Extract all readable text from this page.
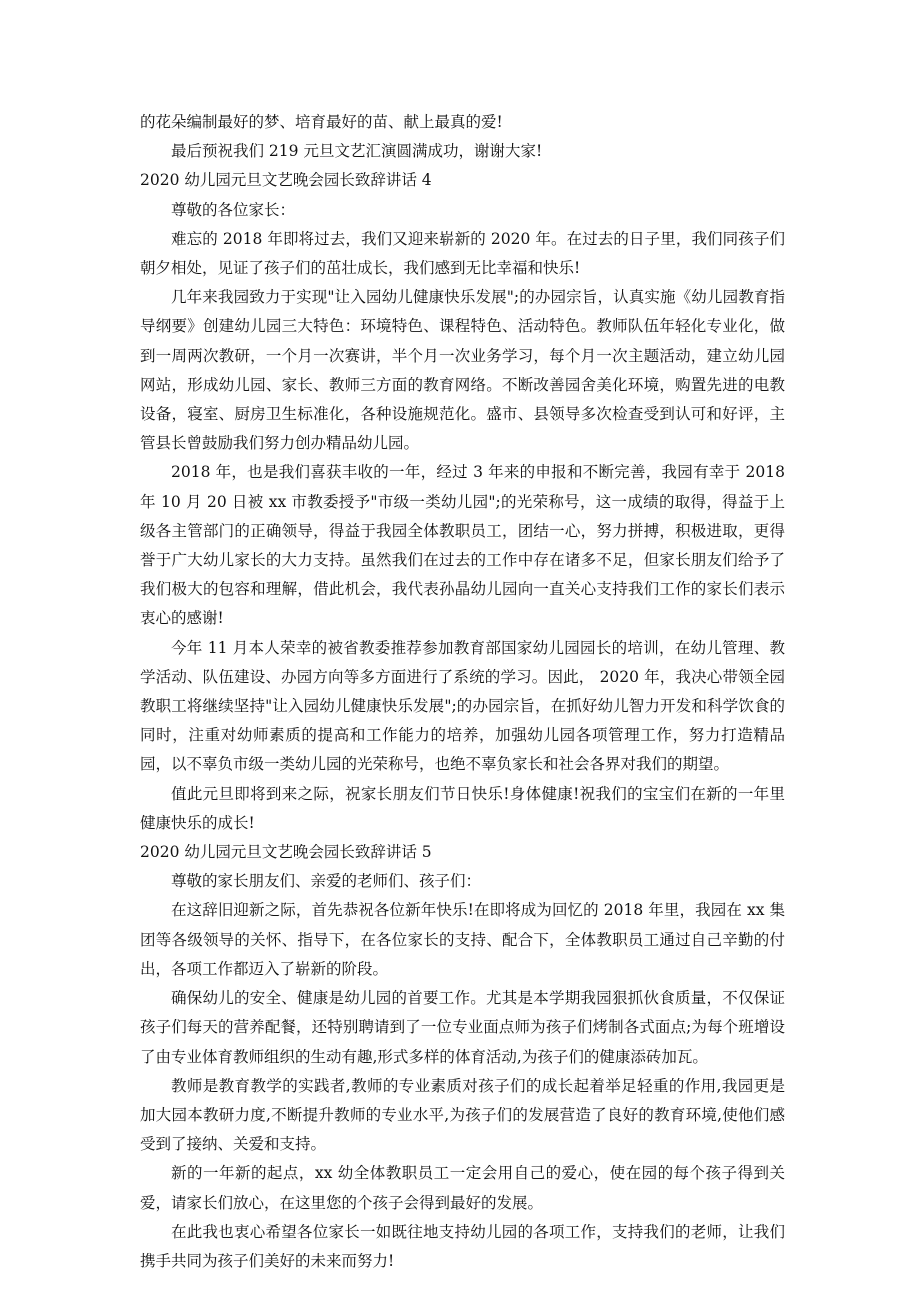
的花朵编制最好的梦、培育最好的苗、献上最真的爱!

最后预祝我们 219 元旦文艺汇演圆满成功，谢谢大家!

2020 幼儿园元旦文艺晚会园长致辞讲话 4

尊敬的各位家长：

难忘的 2018 年即将过去，我们又迎来崭新的 2020 年。在过去的日子里，我们同孩子们朝夕相处，见证了孩子们的茁壮成长，我们感到无比幸福和快乐!

几年来我园致力于实现"让入园幼儿健康快乐发展";的办园宗旨，认真实施《幼儿园教育指导纲要》创建幼儿园三大特色：环境特色、课程特色、活动特色。教师队伍年轻化专业化，做到一周两次教研，一个月一次赛讲，半个月一次业务学习，每个月一次主题活动，建立幼儿园网站，形成幼儿园、家长、教师三方面的教育网络。不断改善园舍美化环境，购置先进的电教设备，寝室、厨房卫生标准化，各种设施规范化。盛市、县领导多次检查受到认可和好评，主管县长曾鼓励我们努力创办精品幼儿园。

2018 年，也是我们喜获丰收的一年，经过 3 年来的申报和不断完善，我园有幸于 2018 年 10 月 20 日被 xx 市教委授予"市级一类幼儿园";的光荣称号，这一成绩的取得，得益于上级各主管部门的正确领导，得益于我园全体教职员工，团结一心，努力拼搏，积极进取，更得誉于广大幼儿家长的大力支持。虽然我们在过去的工作中存在诸多不足，但家长朋友们给予了我们极大的包容和理解，借此机会，我代表孙晶幼儿园向一直关心支持我们工作的家长们表示衷心的感谢!

今年 11 月本人荣幸的被省教委推荐参加教育部国家幼儿园园长的培训，在幼儿管理、教学活动、队伍建设、办园方向等多方面进行了系统的学习。因此， 2020 年，我决心带领全园教职工将继续坚持"让入园幼儿健康快乐发展";的办园宗旨，在抓好幼儿智力开发和科学饮食的同时，注重对幼师素质的提高和工作能力的培养，加强幼儿园各项管理工作，努力打造精品园，以不辜负市级一类幼儿园的光荣称号，也绝不辜负家长和社会各界对我们的期望。

值此元旦即将到来之际，祝家长朋友们节日快乐!身体健康!祝我们的宝宝们在新的一年里健康快乐的成长!

2020 幼儿园元旦文艺晚会园长致辞讲话 5

尊敬的家长朋友们、亲爱的老师们、孩子们：

在这辞旧迎新之际，首先恭祝各位新年快乐!在即将成为回忆的 2018 年里，我园在 xx 集团等各级领导的关怀、指导下，在各位家长的支持、配合下，全体教职员工通过自己辛勤的付出，各项工作都迈入了崭新的阶段。

确保幼儿的安全、健康是幼儿园的首要工作。尤其是本学期我园狠抓伙食质量，不仅保证孩子们每天的营养配餐，还特别聘请到了一位专业面点师为孩子们烤制各式面点;为每个班增设了由专业体育教师组织的生动有趣,形式多样的体育活动,为孩子们的健康添砖加瓦。

教师是教育教学的实践者,教师的专业素质对孩子们的成长起着举足轻重的作用,我园更是加大园本教研力度,不断提升教师的专业水平,为孩子们的发展营造了良好的教育环境,使他们感受到了接纳、关爱和支持。

新的一年新的起点，xx 幼全体教职员工一定会用自己的爱心，使在园的每个孩子得到关爱，请家长们放心，在这里您的个孩子会得到最好的发展。

在此我也衷心希望各位家长一如既往地支持幼儿园的各项工作，支持我们的老师，让我们携手共同为孩子们美好的未来而努力!
